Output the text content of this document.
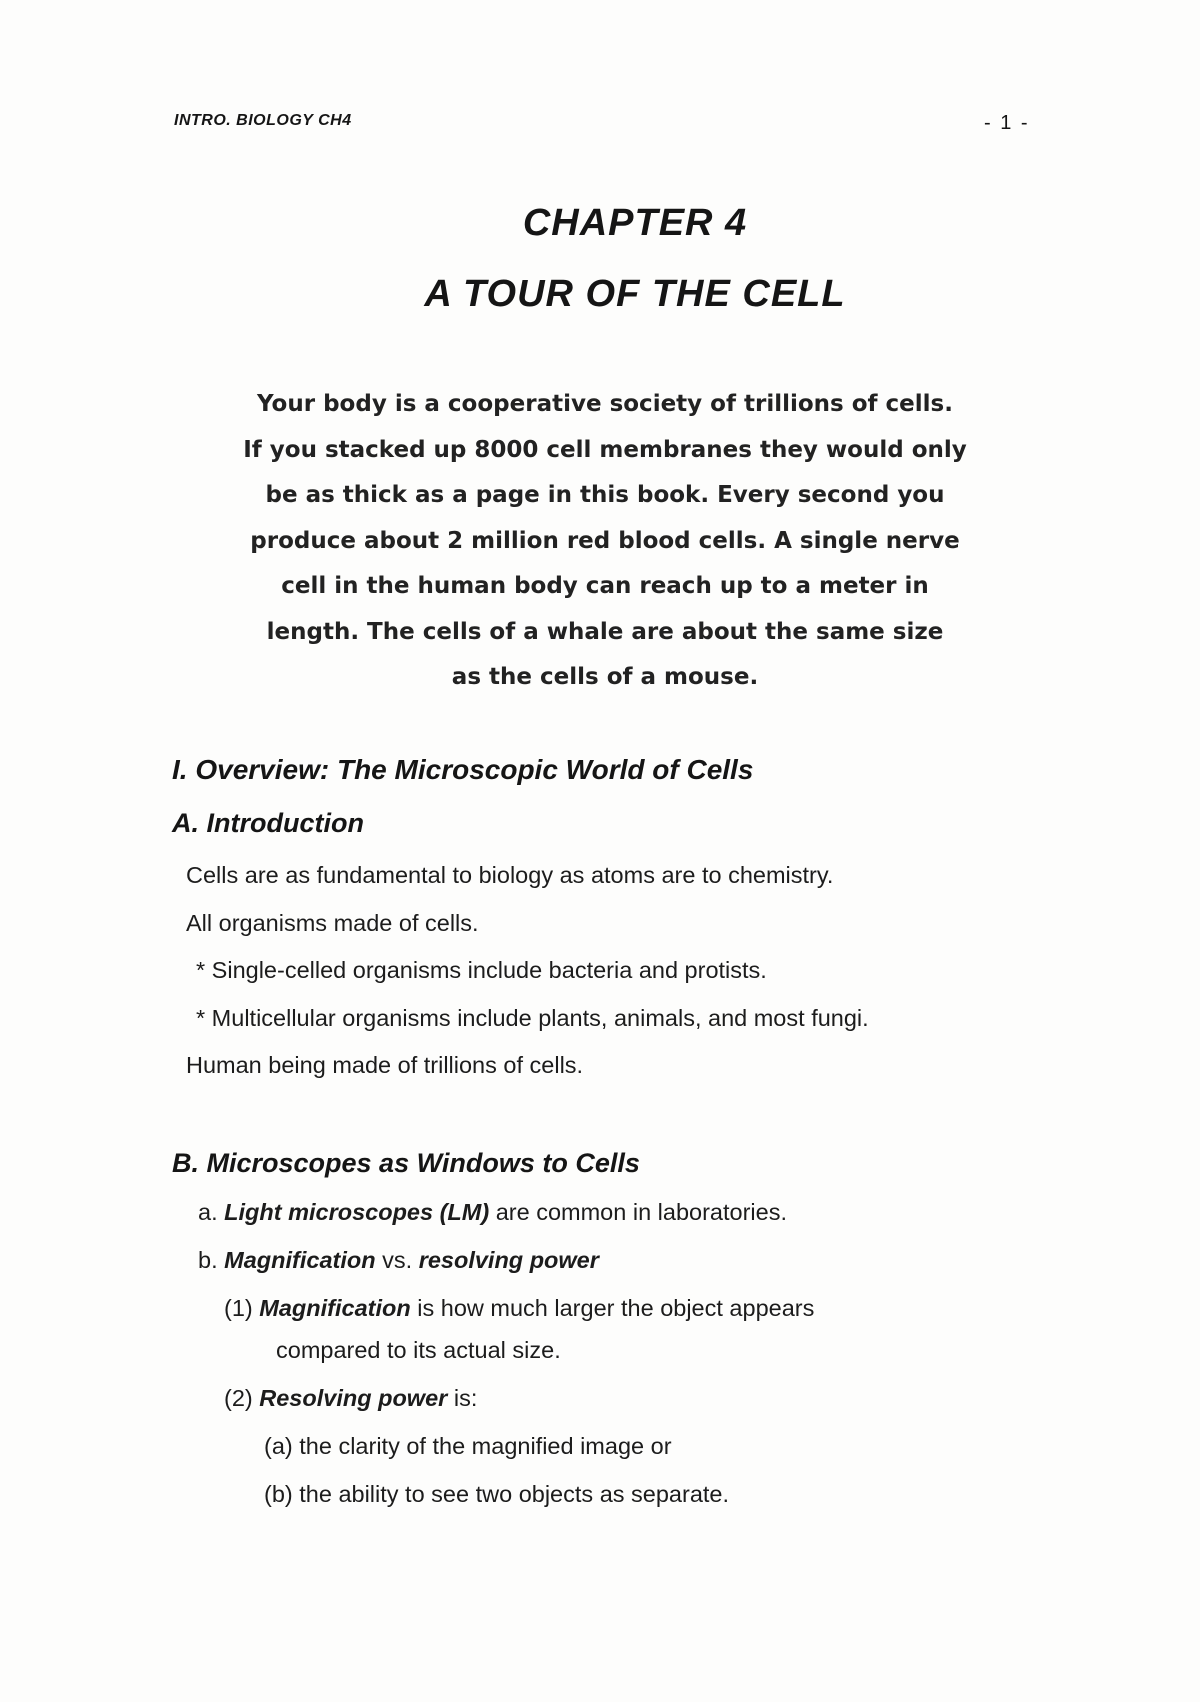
INTRO. BIOLOGY CH4	- 1 -
CHAPTER 4
A TOUR OF THE CELL
Your body is a cooperative society of trillions of cells.
If you stacked up 8000 cell membranes they would only
be as thick as a page in this book. Every second you
produce about 2 million red blood cells. A single nerve
cell in the human body can reach up to a meter in
length. The cells of a whale are about the same size
as the cells of a mouse.
I. Overview: The Microscopic World of Cells
A. Introduction
Cells are as fundamental to biology as atoms are to chemistry.
All organisms made of cells.
* Single-celled organisms include bacteria and protists.
* Multicellular organisms include plants, animals, and most fungi.
Human being made of trillions of cells.
B. Microscopes as Windows to Cells
a. Light microscopes (LM) are common in laboratories.
b. Magnification vs. resolving power
(1) Magnification is how much larger the object appears
compared to its actual size.
(2) Resolving power is:
(a) the clarity of the magnified image or
(b) the ability to see two objects as separate.
